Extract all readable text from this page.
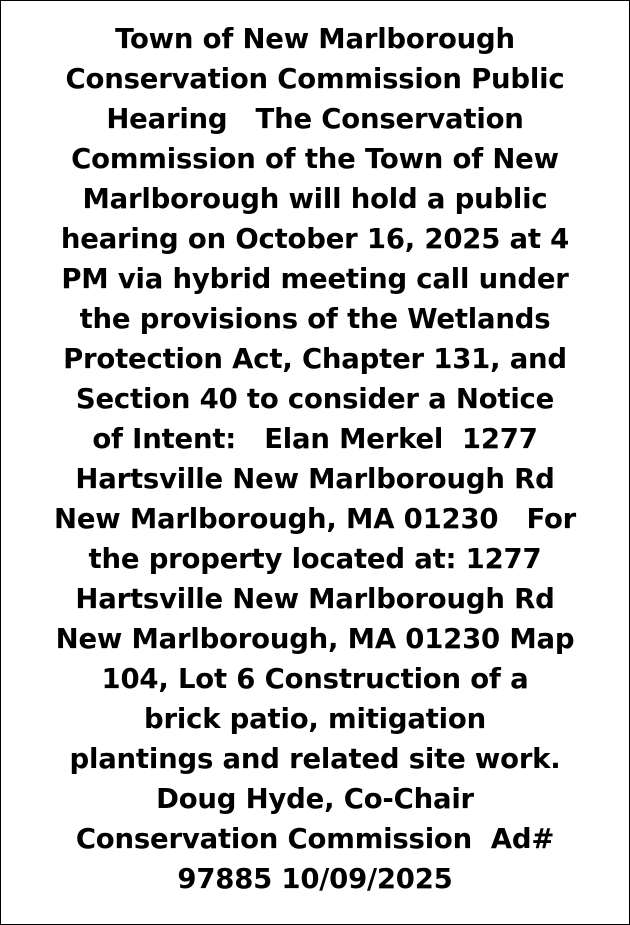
Town of New Marlborough
Conservation Commission Public
Hearing   The Conservation
Commission of the Town of New
Marlborough will hold a public
hearing on October 16, 2025 at 4
PM via hybrid meeting call under
the provisions of the Wetlands
Protection Act, Chapter 131, and
Section 40 to consider a Notice
of Intent:   Elan Merkel  1277
Hartsville New Marlborough Rd
New Marlborough, MA 01230   For
the property located at: 1277
Hartsville New Marlborough Rd
New Marlborough, MA 01230 Map
104, Lot 6 Construction of a
brick patio, mitigation
plantings and related site work.
Doug Hyde, Co-Chair
Conservation Commission  Ad#
97885 10/09/2025
